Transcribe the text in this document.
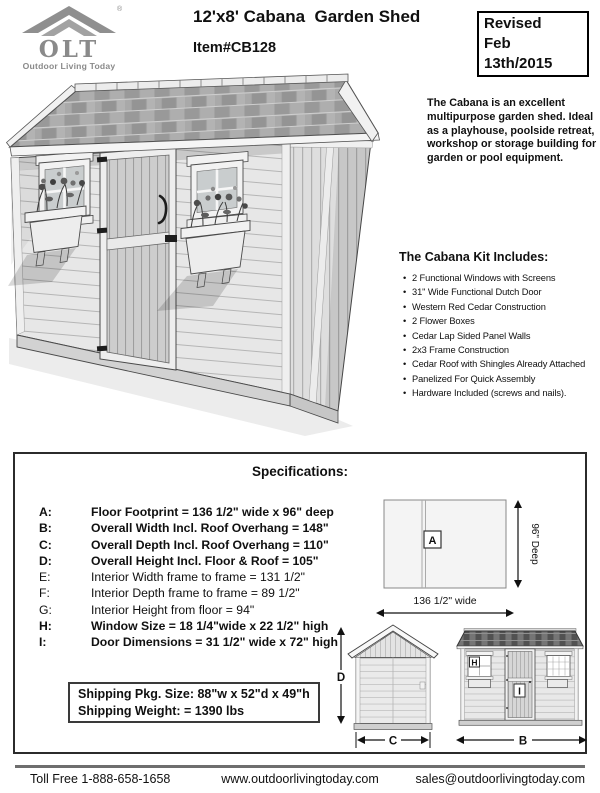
®
OLT
Outdoor Living Today
12'x8' Cabana  Garden Shed
Item#CB128
Revised
Feb 13th/2015
The Cabana is an excellent multipurpose garden shed. Ideal as a playhouse, poolside retreat, workshop or storage building for garden or pool equipment.
The Cabana Kit Includes:
• 2 Functional Windows with Screens
• 31" Wide Functional Dutch Door
• Western Red Cedar Construction
• 2 Flower Boxes
• Cedar Lap Sided Panel Walls
• 2x3 Frame Construction
• Cedar Roof with Shingles Already Attached
• Panelized For Quick Assembly
• Hardware Included (screws and nails).
Specifications:
A:	Floor Footprint = 136 1/2" wide x 96" deep
B:	Overall Width Incl. Roof Overhang = 148"
C:	Overall Depth Incl. Roof Overhang = 110"
D:	Overall Height Incl. Floor & Roof = 105"
E:	Interior Width frame to frame = 131 1/2"
F:	Interior Depth frame to frame = 89 1/2"
G:	Interior Height from floor = 94"
H:	Window Size = 18 1/4"wide x 22 1/2" high
I:	Door Dimensions = 31 1/2" wide x 72" high
A	96" Deep
136 1/2" wide
Shipping Pkg. Size: 88"w x 52"d x 49"h
Shipping Weight: = 1390 lbs
D
C
H
I
B
Toll Free 1-888-658-1658	www.outdoorlivingtoday.com	sales@outdoorlivingtoday.com
